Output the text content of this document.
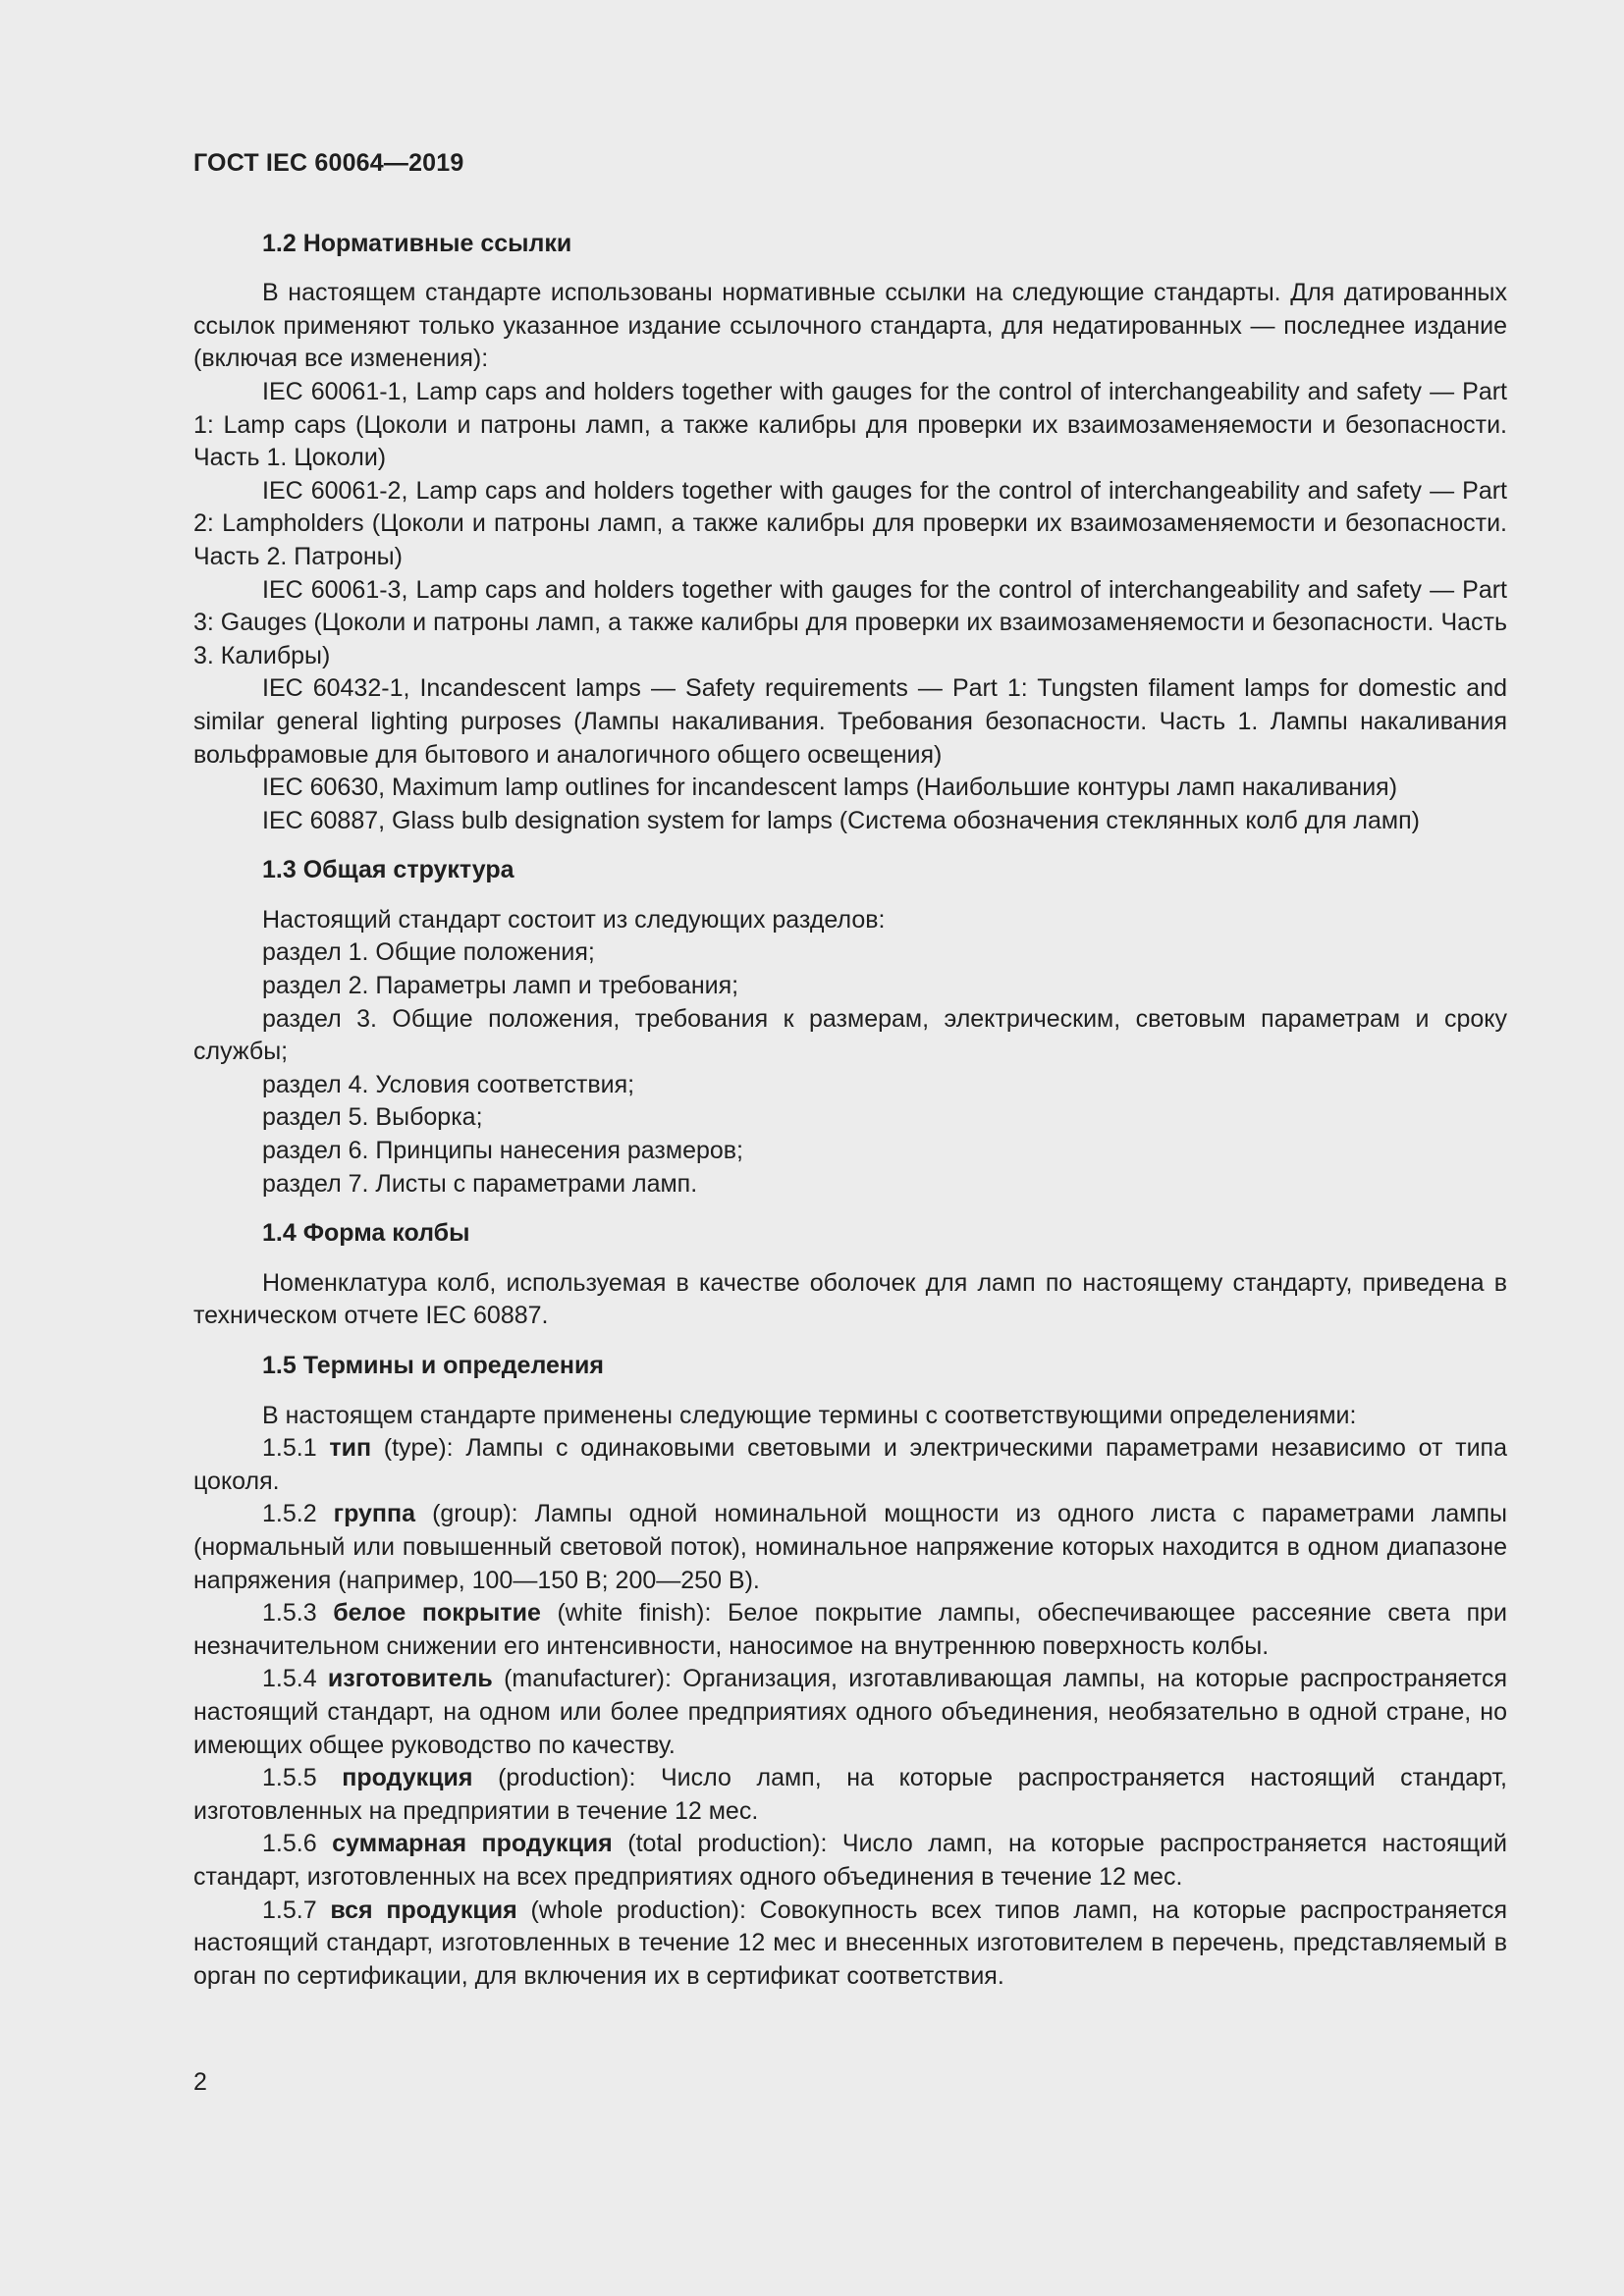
ГОСТ IEC 60064—2019
1.2 Нормативные ссылки

В настоящем стандарте использованы нормативные ссылки на следующие стандарты. Для датированных ссылок применяют только указанное издание ссылочного стандарта, для недатированных — последнее издание (включая все изменения):

IEC 60061-1, Lamp caps and holders together with gauges for the control of interchangeability and safety — Part 1: Lamp caps (Цоколи и патроны ламп, а также калибры для проверки их взаимозаменяемости и безопасности. Часть 1. Цоколи)

IEC 60061-2, Lamp caps and holders together with gauges for the control of interchangeability and safety — Part 2: Lampholders (Цоколи и патроны ламп, а также калибры для проверки их взаимозаменяемости и безопасности. Часть 2. Патроны)

IEC 60061-3, Lamp caps and holders together with gauges for the control of interchangeability and safety — Part 3: Gauges (Цоколи и патроны ламп, а также калибры для проверки их взаимозаменяемости и безопасности. Часть 3. Калибры)

IEC 60432-1, Incandescent lamps — Safety requirements — Part 1: Tungsten filament lamps for domestic and similar general lighting purposes (Лампы накаливания. Требования безопасности. Часть 1. Лампы накаливания вольфрамовые для бытового и аналогичного общего освещения)

IEC 60630, Maximum lamp outlines for incandescent lamps (Наибольшие контуры ламп накаливания)

IEC 60887, Glass bulb designation system for lamps (Система обозначения стеклянных колб для ламп)

1.3 Общая структура

Настоящий стандарт состоит из следующих разделов:

раздел 1. Общие положения;

раздел 2. Параметры ламп и требования;

раздел 3. Общие положения, требования к размерам, электрическим, световым параметрам и сроку службы;

раздел 4. Условия соответствия;

раздел 5. Выборка;

раздел 6. Принципы нанесения размеров;

раздел 7. Листы с параметрами ламп.

1.4 Форма колбы

Номенклатура колб, используемая в качестве оболочек для ламп по настоящему стандарту, приведена в техническом отчете IEC 60887.

1.5 Термины и определения

В настоящем стандарте применены следующие термины с соответствующими определениями:

1.5.1 тип (type): Лампы с одинаковыми световыми и электрическими параметрами независимо от типа цоколя.

1.5.2 группа (group): Лампы одной номинальной мощности из одного листа с параметрами лампы (нормальный или повышенный световой поток), номинальное напряжение которых находится в одном диапазоне напряжения (например, 100—150 В; 200—250 В).

1.5.3 белое покрытие (white finish): Белое покрытие лампы, обеспечивающее рассеяние света при незначительном снижении его интенсивности, наносимое на внутреннюю поверхность колбы.

1.5.4 изготовитель (manufacturer): Организация, изготавливающая лампы, на которые распространяется настоящий стандарт, на одном или более предприятиях одного объединения, необязательно в одной стране, но имеющих общее руководство по качеству.

1.5.5 продукция (production): Число ламп, на которые распространяется настоящий стандарт, изготовленных на предприятии в течение 12 мес.

1.5.6 суммарная продукция (total production): Число ламп, на которые распространяется настоящий стандарт, изготовленных на всех предприятиях одного объединения в течение 12 мес.

1.5.7 вся продукция (whole production): Совокупность всех типов ламп, на которые распространяется настоящий стандарт, изготовленных в течение 12 мес и внесенных изготовителем в перечень, представляемый в орган по сертификации, для включения их в сертификат соответствия.

2
